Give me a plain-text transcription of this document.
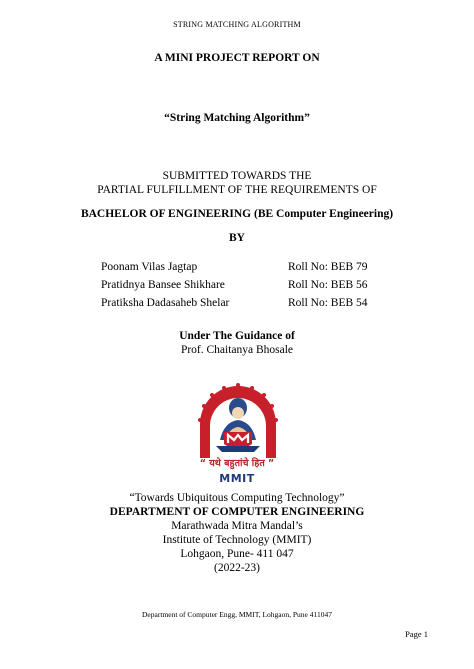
STRING MATCHING ALGORITHM
A MINI PROJECT REPORT ON
“String Matching Algorithm”
SUBMITTED TOWARDS THE
PARTIAL FULFILLMENT OF THE REQUIREMENTS OF
BACHELOR OF ENGINEERING (BE Computer Engineering)
BY
Poonam Vilas Jagtap	Roll No: BEB 79
Pratidnya Bansee Shikhare	Roll No: BEB 56
Pratiksha Dadasaheb Shelar	Roll No: BEB 54
Under The Guidance of
Prof. Chaitanya Bhosale
“ यथे बहुतांचे हित ”
MMIT
“Towards Ubiquitous Computing Technology”
DEPARTMENT OF COMPUTER ENGINEERING
Marathwada Mitra Mandal’s
Institute of Technology (MMIT)
Lohgaon, Pune- 411 047
(2022-23)
Department of Computer Engg, MMIT, Lohgaon, Pune 411047
Page 1
